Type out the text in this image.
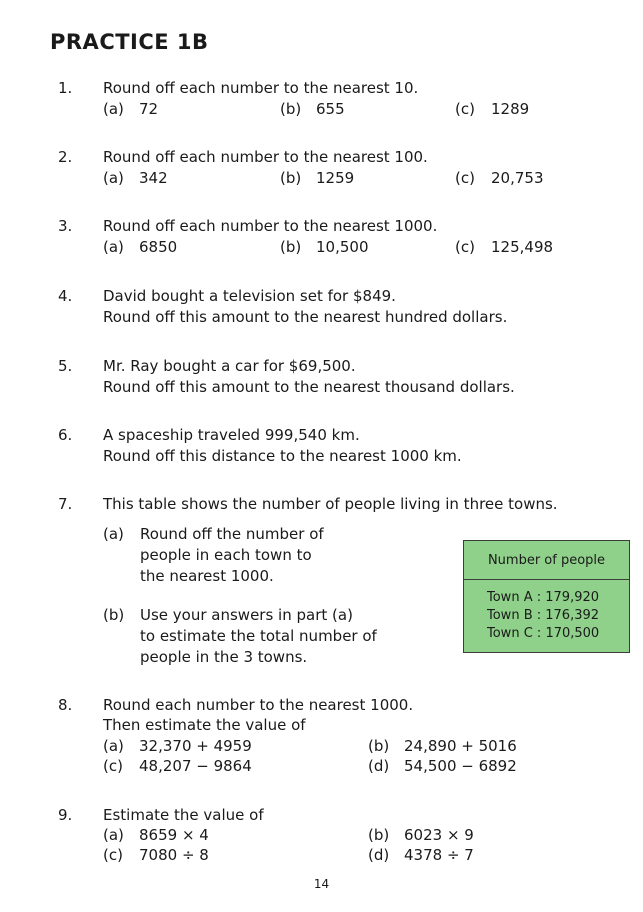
PRACTICE 1B
1. Round off each number to the nearest 10.
(a) 72	(b) 655	(c) 1289
2. Round off each number to the nearest 100.
(a) 342	(b) 1259	(c) 20,753
3. Round off each number to the nearest 1000.
(a) 6850	(b) 10,500	(c) 125,498
4. David bought a television set for $849.
Round off this amount to the nearest hundred dollars.
5. Mr. Ray bought a car for $69,500.
Round off this amount to the nearest thousand dollars.
6. A spaceship traveled 999,540 km.
Round off this distance to the nearest 1000 km.
7. This table shows the number of people living in three towns.
(a) Round off the number of
people in each town to
the nearest 1000.
(b) Use your answers in part (a)
to estimate the total number of
people in the 3 towns.
Number of people
Town A : 179,920
Town B : 176,392
Town C : 170,500
8. Round each number to the nearest 1000.
Then estimate the value of
(a) 32,370 + 4959	(b) 24,890 + 5016
(c) 48,207 − 9864	(d) 54,500 − 6892
9. Estimate the value of
(a) 8659 × 4	(b) 6023 × 9
(c) 7080 ÷ 8	(d) 4378 ÷ 7
14
